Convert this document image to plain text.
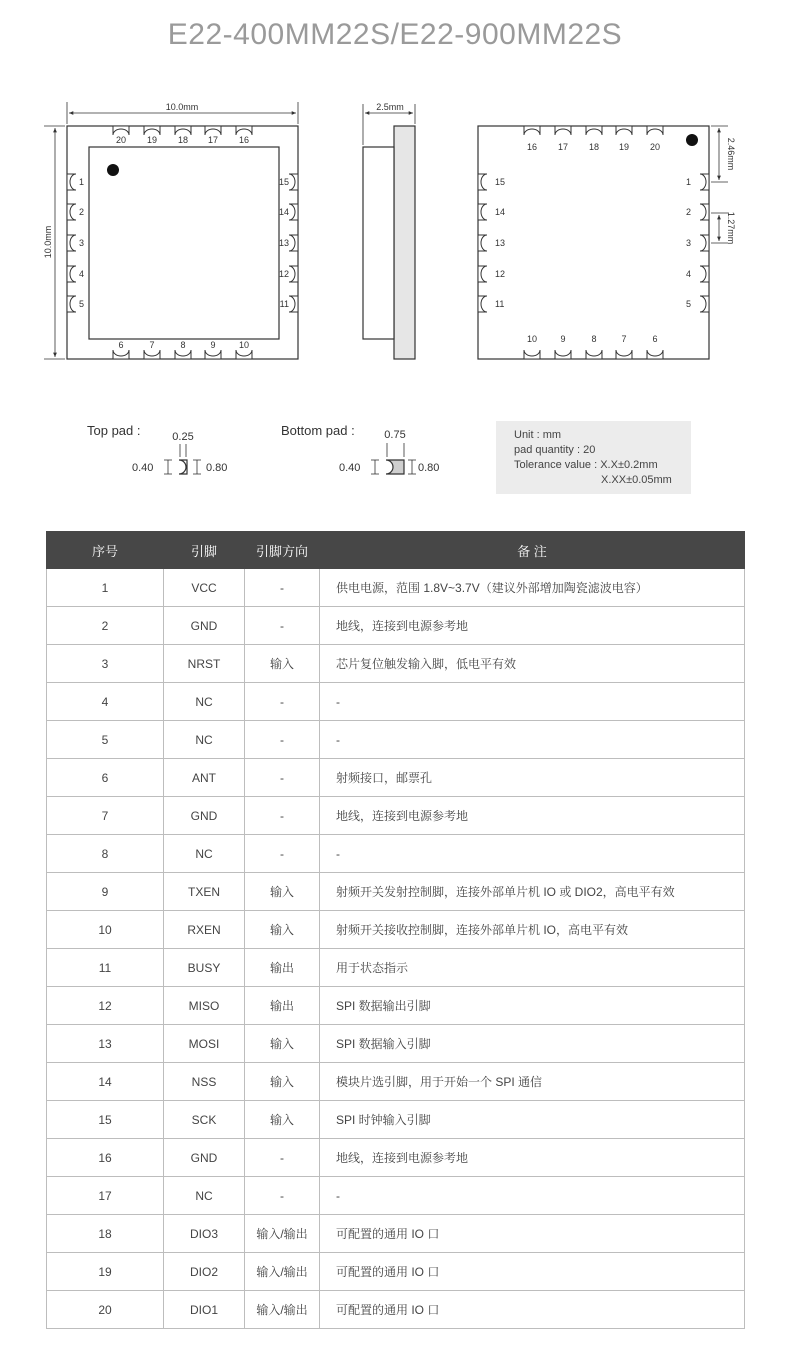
E22-400MM22S/E22-900MM22S
20
6
19
7
18
8
17
9
16
10
1	15
2	14
3	13
4	12
5	11
10.0mm
10.0mm
2.5mm
16
10
17
9
18
8
19
7
20
6
15	1
14	2
13	3
12	4
11	5
2.46mm
1.27mm
Top pad :	0.25
0.40	0.80
Bottom pad :	0.75
0.40	0.80
Unit : mm
pad quantity : 20
Tolerance value : X.X±0.2mm
X.XX±0.05mm
序号	引脚	引脚方向	备 注
1	VCC	-	供电电源，范围 1.8V~3.7V（建议外部增加陶瓷滤波电容）
2	GND	-	地线，连接到电源参考地
3	NRST	输入	芯片复位触发输入脚，低电平有效
4	NC	-	-
5	NC	-	-
6	ANT	-	射频接口，邮票孔
7	GND	-	地线，连接到电源参考地
8	NC	-	-
9	TXEN	输入	射频开关发射控制脚，连接外部单片机 IO 或 DIO2，高电平有效
10	RXEN	输入	射频开关接收控制脚，连接外部单片机 IO，高电平有效
11	BUSY	输出	用于状态指示
12	MISO	输出	SPI 数据输出引脚
13	MOSI	输入	SPI 数据输入引脚
14	NSS	输入	模块片选引脚，用于开始一个 SPI 通信
15	SCK	输入	SPI 时钟输入引脚
16	GND	-	地线，连接到电源参考地
17	NC	-	-
18	DIO3	输入/输出	可配置的通用 IO 口
19	DIO2	输入/输出	可配置的通用 IO 口
20	DIO1	输入/输出	可配置的通用 IO 口
